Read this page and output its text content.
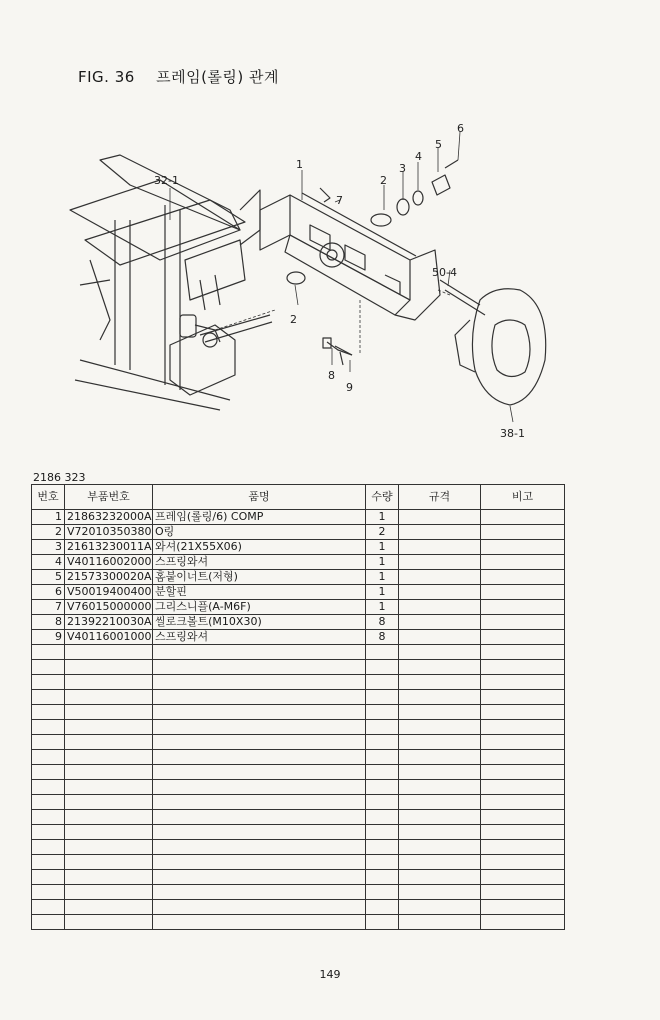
FIG. 36 프레임(롤링) 관계
32-1
1
7
2
3
4
5
6
50-4
2
8
9
38-1
2186 323
번호	부품번호	품명	수량	규격	비고
1	21863232000A	프레임(롤링/6) COMP	1		
2	V72010350380	O링	2		
3	21613230011A	와셔(21X55X06)	1		
4	V40116002000	스프링와셔	1		
5	21573300020A	홈붙이너트(저형)	1		
6	V50019400400	분할핀	1		
7	V76015000000	그리스니플(A-M6F)	1		
8	21392210030A	씰로크볼트(M10X30)	8		
9	V40116001000	스프링와셔	8		

149
